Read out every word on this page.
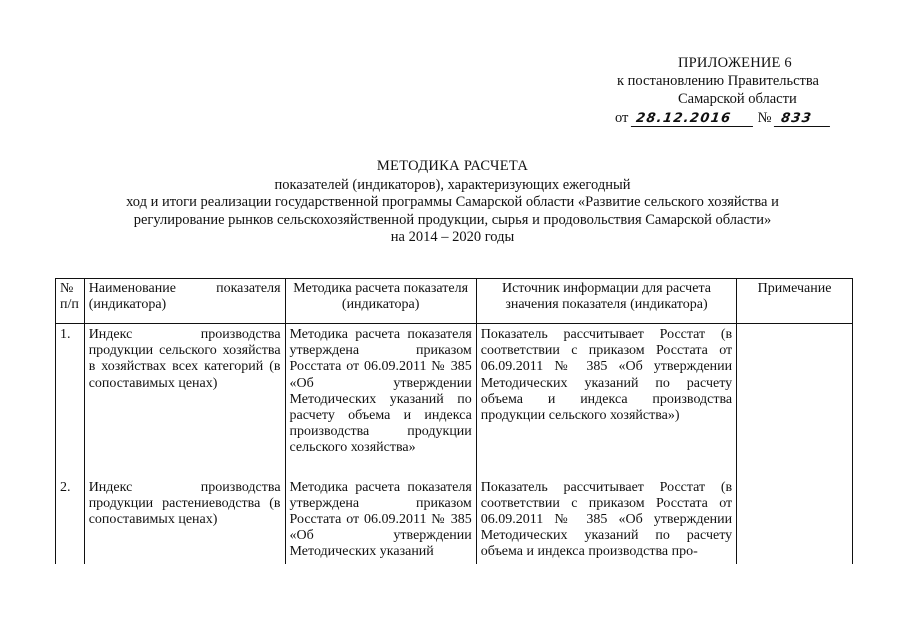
ПРИЛОЖЕНИЕ 6
к постановлению Правительства
Самарской области
от 28.12.2016 № 833
МЕТОДИКА РАСЧЕТА
показателей (индикаторов), характеризующих ежегодный
ход и итоги реализации государственной программы Самарской области «Развитие сельского хозяйства и
регулирование рынков сельскохозяйственной продукции, сырья и продовольствия Самарской области»
на 2014 – 2020 годы
№ п/п	Наименование показателя (индикатора)	Методика расчета показателя (индикатора)	Источник информации для расчета значения показателя (индикатора)	Примечание
1.	Индекс производства продукции сельского хозяйства в хозяйствах всех категорий (в сопоставимых ценах)	Методика расчета показателя утверждена приказом Росстата от 06.09.2011 № 385 «Об утверждении Методических указаний по расчету объема и индекса производства продукции сельского хозяйства»	Показатель рассчитывает Росстат (в соответствии с приказом Росстата от 06.09.2011 № 385 «Об утверждении Методических указаний по расчету объема и индекса производства продукции сельского хозяйства»)	
2.	Индекс производства продукции растениеводства (в сопоставимых ценах)	Методика расчета показателя утверждена приказом Росстата от 06.09.2011 № 385 «Об утверждении Методических указаний	Показатель рассчитывает Росстат (в соответствии с приказом Росстата от 06.09.2011 № 385 «Об утверждении Методических указаний по расчету объема и индекса производства про-	
